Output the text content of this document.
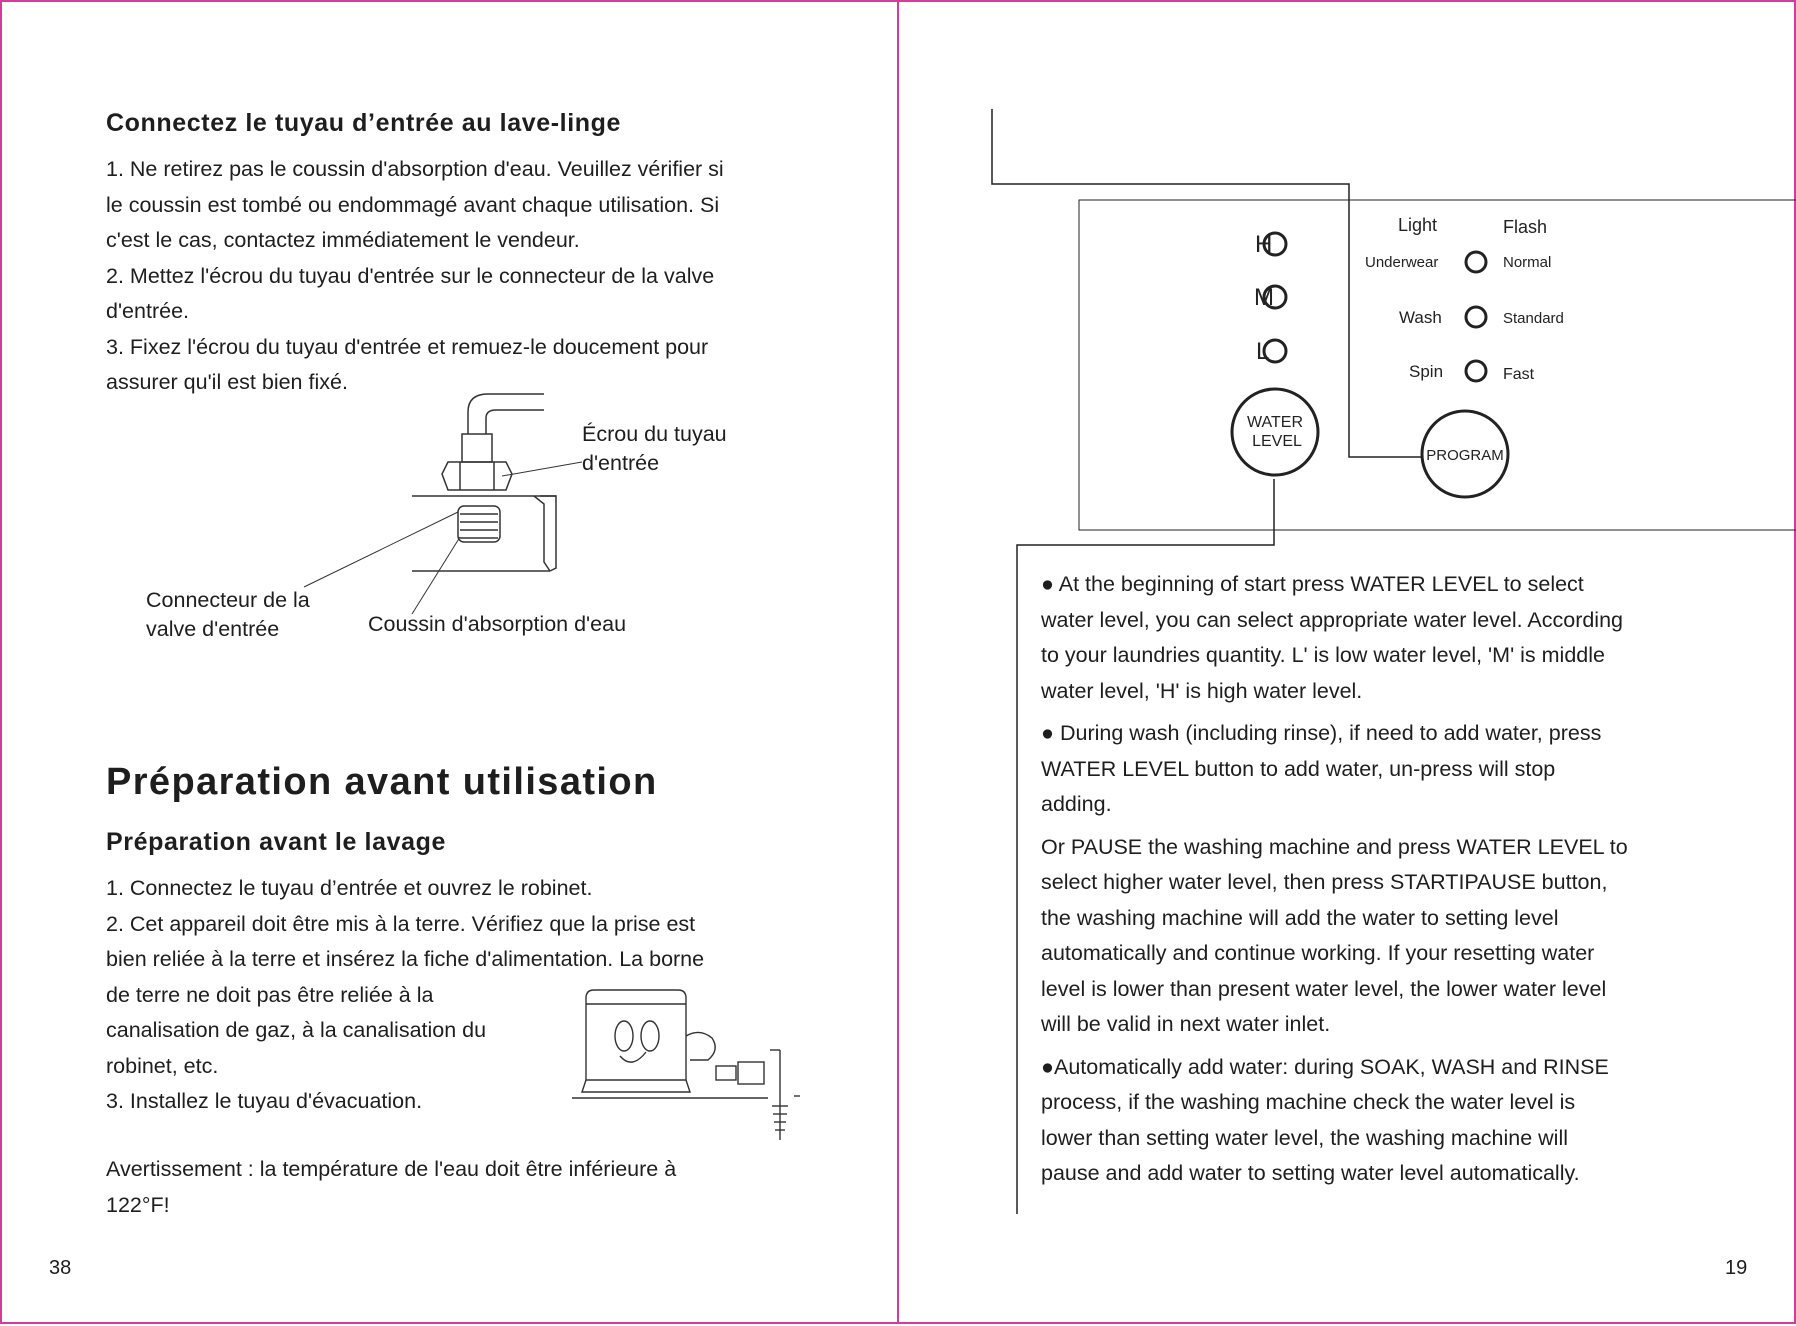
Connectez le tuyau d’entrée au lave-linge
1. Ne retirez pas le coussin d'absorption d'eau. Veuillez vérifier si
le coussin est tombé ou endommagé avant chaque utilisation. Si
c'est le cas, contactez immédiatement le vendeur.
2. Mettez l'écrou du tuyau d'entrée sur le connecteur de la valve
d'entrée.
3. Fixez l'écrou du tuyau d'entrée et remuez-le doucement pour
assurer qu'il est bien fixé.
Écrou du tuyau
d'entrée
Connecteur de la
valve d'entrée	Coussin d'absorption d'eau
Préparation avant utilisation
Préparation avant le lavage
1. Connectez le tuyau d’entrée et ouvrez le robinet.
2. Cet appareil doit être mis à la terre. Vérifiez que la prise est
bien reliée à la terre et insérez la fiche d'alimentation. La borne
de terre ne doit pas être reliée à la
canalisation de gaz, à la canalisation du
robinet, etc.
3. Installez le tuyau d'évacuation.
Avertissement : la température de l'eau doit être inférieure à
122°F!
38
H
M
L
WATER
LEVEL
Light	Flash
Underwear	Normal
Wash	Standard
Spin	Fast
PROGRAM
● At the beginning of start press WATER LEVEL to select
water level, you can select appropriate water level. According
to your laundries quantity. L' is low water level, 'M' is middle
water level, 'H' is high water level.
● During wash (including rinse), if need to add water, press
WATER LEVEL button to add water, un-press will stop
adding.
Or PAUSE the washing machine and press WATER LEVEL to
select higher water level, then press STARTIPAUSE button,
the washing machine will add the water to setting level
automatically and continue working. If your resetting water
level is lower than present water level, the lower water level
will be valid in next water inlet.
●Automatically add water: during SOAK, WASH and RINSE
process, if the washing machine check the water level is
lower than setting water level, the washing machine will
pause and add water to setting water level automatically.
19
